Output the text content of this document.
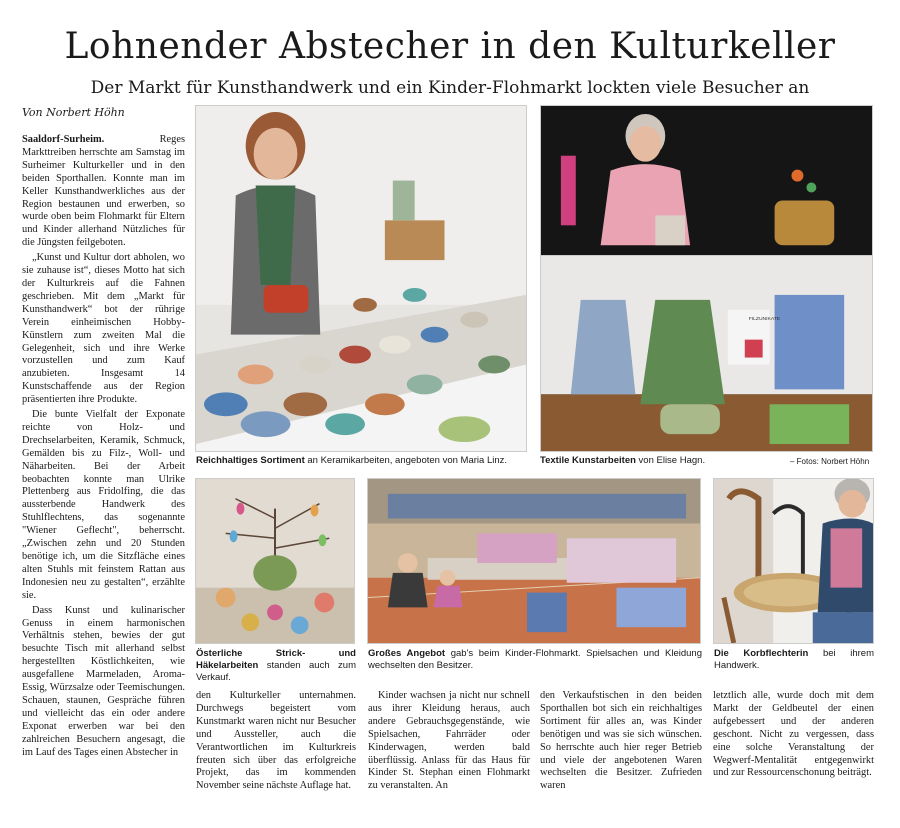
Lohnender Abstecher in den Kulturkeller
Der Markt für Kunsthandwerk und ein Kinder-Flohmarkt lockten viele Besucher an
Von Norbert Höhn

Saaldorf-Surheim.	Reges Markttreiben herrschte am Samstag im Surheimer Kulturkeller und in den beiden Sporthallen. Konnte man im Keller Kunsthandwerkliches aus der Region bestaunen und erwerben, so wurde oben beim Flohmarkt für Eltern und Kinder allerhand Nützliches für die Jüngsten feilgeboten.

„Kunst und Kultur dort abholen, wo sie zuhause ist“, dieses Motto hat sich der Kulturkreis auf die Fahnen geschrieben. Mit dem „Markt für Kunsthandwerk“ bot der rührige Verein einheimischen Hobby-Künstlern zum zweiten Mal die Gelegenheit, sich und ihre Werke vorzustellen und zum Kauf anzubieten. Insgesamt 14 Kunstschaffende aus der Region präsentierten ihre Produkte.

Die bunte Vielfalt der Exponate reichte von Holz- und Drechselarbeiten, Keramik, Schmuck, Gemälden bis zu Filz-, Woll- und Näharbeiten. Bei der Arbeit beobachten konnte man Ulrike Plettenberg aus Fridolfing, die das aussterbende Handwerk des Stuhlflechtens, das sogenannte "Wiener Geflecht", beherrscht. „Zwischen zehn und 20 Stunden benötige ich, um die Sitzfläche eines alten Stuhls mit feinstem Rattan aus Indonesien neu zu gestalten“, erzählte sie.

Dass Kunst und kulinarischer Genuss in einem harmonischen Verhältnis stehen, bewies der gut besuchte Tisch mit allerhand selbst hergestellten Köstlichkeiten, wie ausgefallene Marmeladen, Aroma-Essig, Würzsalze oder Teemischungen. Schauen, staunen, Gespräche führen und vielleicht das ein oder andere Exponat erwerben war bei den zahlreichen Besuchern angesagt, die im Lauf des Tages einen Abstecher in

FILZUNIKATE
Reichhaltiges Sortiment an Keramikarbeiten, angeboten von Maria Linz.	Textile Kunstarbeiten von Elise Hagn.	– Fotos: Norbert Höhn
Österliche Strick- und Häkelarbeiten standen auch zum Verkauf.
Großes Angebot gab's beim Kinder-Flohmarkt. Spielsachen und Kleidung wechselten den Besitzer.
Die Korbflechterin bei ihrem Handwerk.

den Kulturkeller unternahmen. Durchwegs begeistert vom Kunstmarkt waren nicht nur Besucher und Aussteller, auch die Verantwortlichen im Kulturkreis freuten sich über das erfolgreiche Projekt, das im kommenden November seine nächste Auflage hat.

Kinder wachsen ja nicht nur schnell aus ihrer Kleidung heraus, auch andere Gebrauchsgegenstände, wie Spielsachen, Fahrräder oder Kinderwagen, werden bald überflüssig. Anlass für das Haus für Kinder St. Stephan einen Flohmarkt zu veranstalten. An

den Verkaufstischen in den beiden Sporthallen bot sich ein reichhaltiges Sortiment für alles an, was Kinder benötigen und was sie sich wünschen. So herrschte auch hier reger Betrieb und viele der angebotenen Waren wechselten die Besitzer. Zufrieden waren

letztlich alle, wurde doch mit dem Markt der Geldbeutel der einen aufgebessert und der anderen geschont. Nicht zu vergessen, dass eine solche Veranstaltung der Wegwerf-Mentalität entgegenwirkt und zur Ressourcenschonung beiträgt.
